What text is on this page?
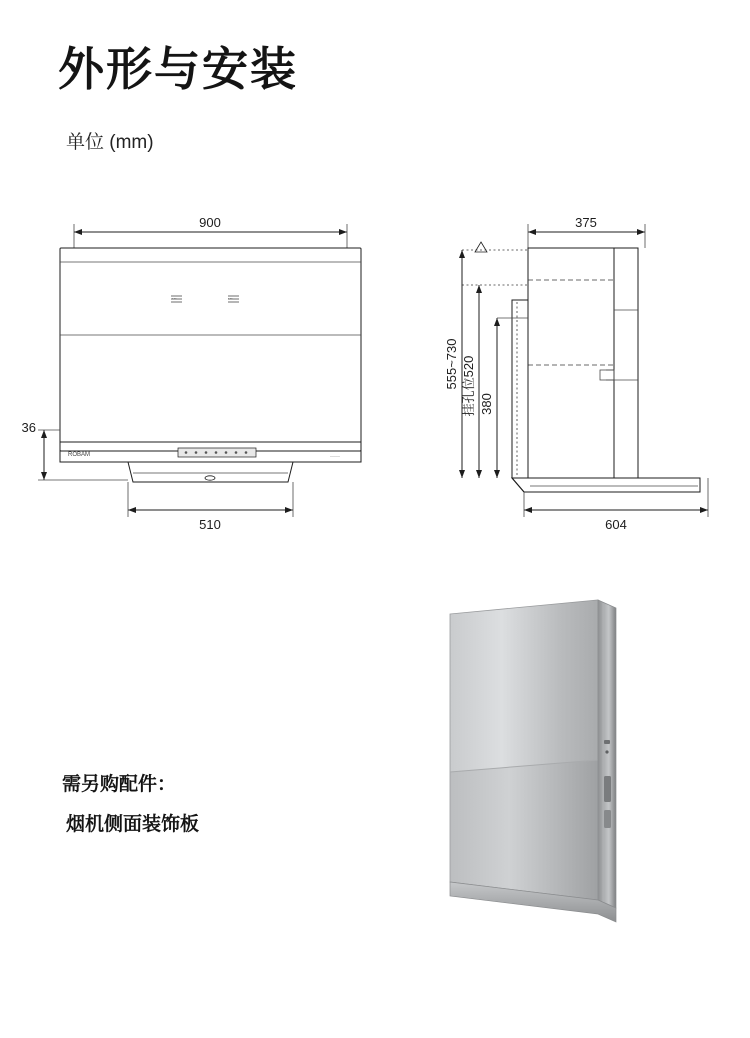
外形与安装
单位 (mm)
900
⋯	⋯
ROBAM	·····
36
510
375
555~730 挂孔位520 380
604
需另购配件：
烟机侧面装饰板
